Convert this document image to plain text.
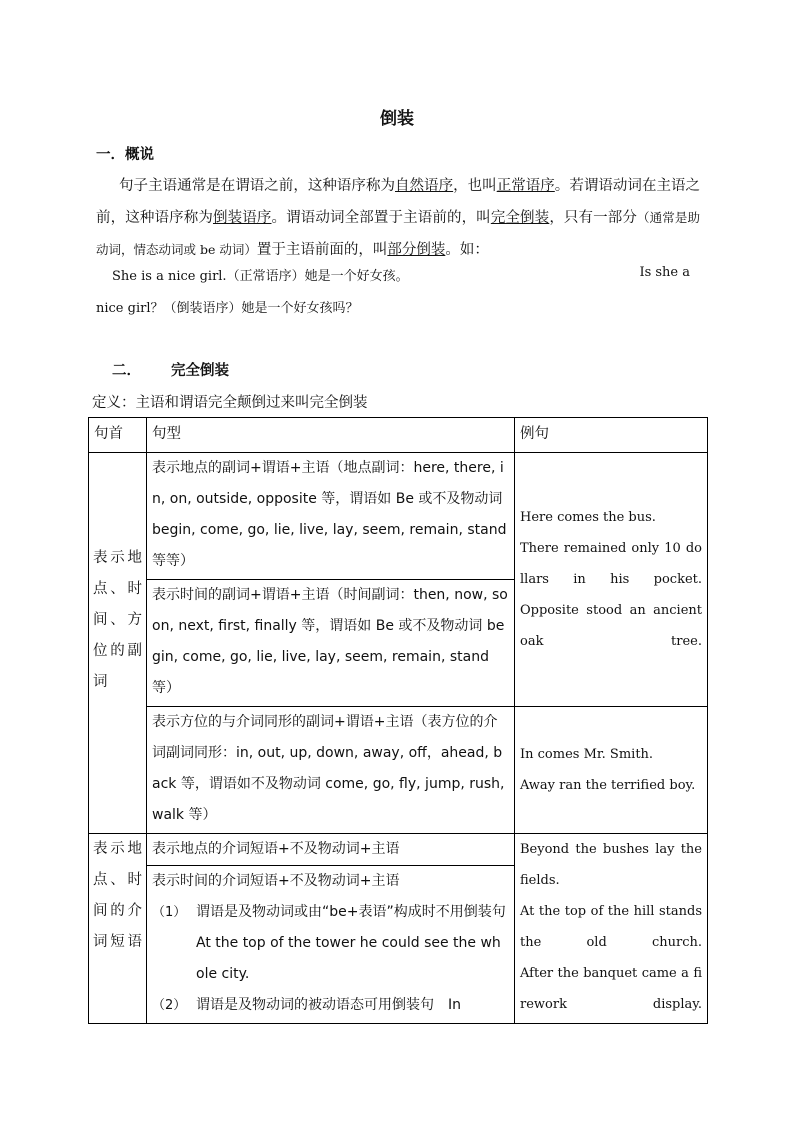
倒装
一．概说
句子主语通常是在谓语之前，这种语序称为自然语序，也叫正常语序。若谓语动词在主语之前，这种语序称为倒装语序。谓语动词全部置于主语前的，叫完全倒装，只有一部分（通常是助动词，情态动词或 be 动词）置于主语前面的，叫部分倒装。如：
She is a nice girl.（正常语序）她是一个好女孩。	Is she a
nice girl？（倒装语序）她是一个好女孩吗？
二． 完全倒装
定义：主语和谓语完全颠倒过来叫完全倒装
句首	句型	例句
表示地点、时间、方位的副词	表示地点的副词+谓语+主语（地点副词：here, there, in, on, outside, opposite 等，谓语如 Be 或不及物动词 begin, come, go, lie, live, lay, seem, remain, stand 等等）	Here comes the bus.
There remained only 10 dollars in his pocket.
Opposite stood an ancient oak tree.

	表示时间的副词+谓语+主语（时间副词：then, now, soon, next, first, finally 等，谓语如 Be 或不及物动词 begin, come, go, lie, live, lay, seem, remain, stand 等）	
	表示方位的与介词同形的副词+谓语+主语（表方位的介词副词同形：in, out, up, down, away, off，ahead, back 等，谓语如不及物动词 come, go, fly, jump, rush, walk 等）	In comes Mr. Smith.
Away ran the terrified boy.

表示地点、时间的介词短语	表示地点的介词短语+不及物动词+主语	Beyond the bushes lay the fields.
At the top of the hill stands the old church.
After the banquet came a firework display.

	表示时间的介词短语+不及物动词+主语
（1） 谓语是及物动词或由“be+表语”构成时不用倒装句　At the top of the tower he could see the whole city.
（2） 谓语是及物动词的被动语态可用倒装句　In	
